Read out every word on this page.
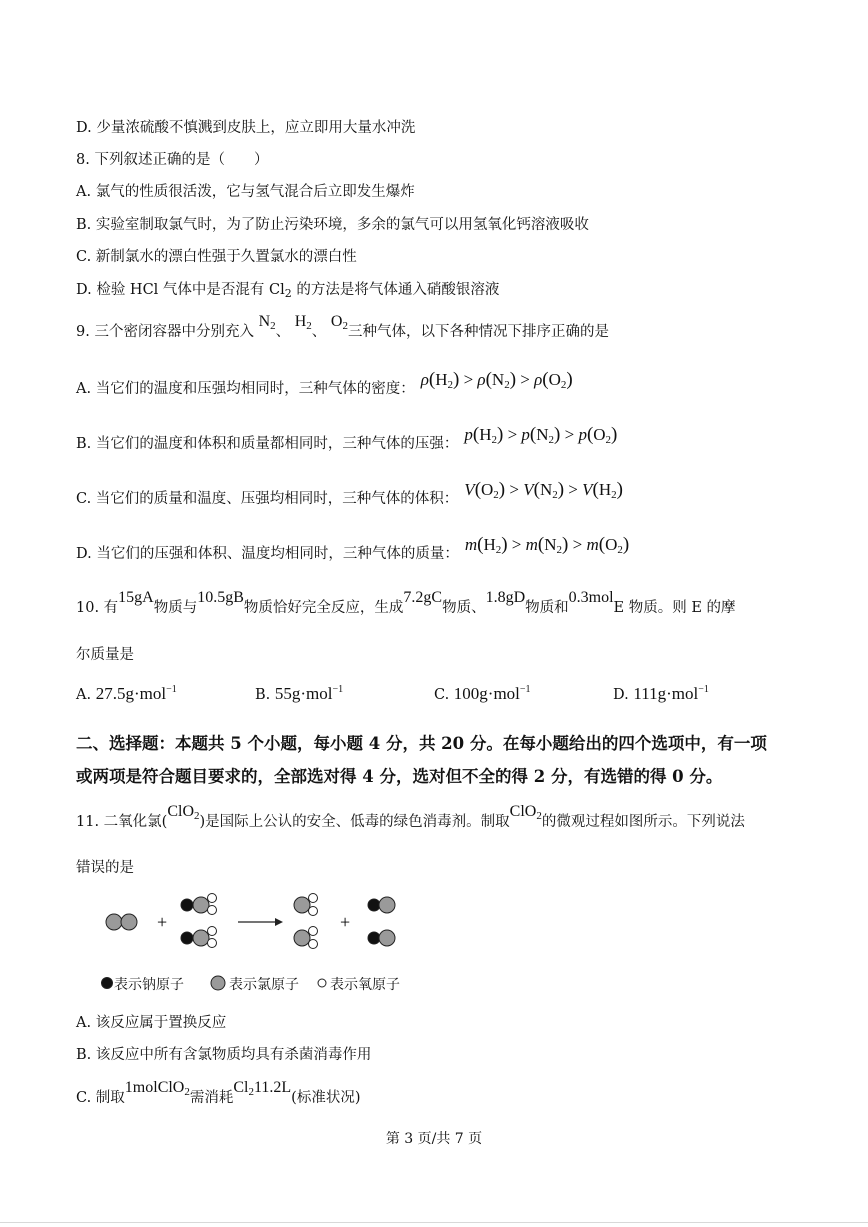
D. 少量浓硫酸不慎溅到皮肤上，应立即用大量水冲洗
8. 下列叙述正确的是（　　）
A. 氯气的性质很活泼，它与氢气混合后立即发生爆炸
B. 实验室制取氯气时，为了防止污染环境，多余的氯气可以用氢氧化钙溶液吸收
C. 新制氯水的漂白性强于久置氯水的漂白性
D. 检验 HCl 气体中是否混有 $Cl_2$ 的方法是将气体通入硝酸银溶液
9. 三个密闭容器中分别充入 $N_2$、 $H_2$、 $O_2$三种气体，以下各种情况下排序正确的是
A. 当它们的温度和压强均相同时，三种气体的密度： $\rho(H_2) > \rho(N_2) > \rho(O_2)$
B. 当它们的温度和体积和质量都相同时，三种气体的压强： $p(H_2) > p(N_2) > p(O_2)$
C. 当它们的质量和温度、压强均相同时，三种气体的体积： $V(O_2) > V(N_2) > V(H_2)$
D. 当它们的压强和体积、温度均相同时，三种气体的质量： $m(H_2) > m(N_2) > m(O_2)$
10. 有15gA物质与10.5gB物质恰好完全反应，生成7.2gC物质、1.8gD物质和0.3molE 物质。则 E 的摩
尔质量是
A. 27.5g·mol$^{-1}$	B. 55g·mol$^{-1}$	C. 100g·mol$^{-1}$	D. 111g·mol$^{-1}$
二、选择题：本题共 5 个小题，每小题 4 分，共 20 分。在每小题给出的四个选项中，有一项
或两项是符合题目要求的，全部选对得 4 分，选对但不全的得 2 分，有选错的得 0 分。
11. 二氧化氯(ClO$_2$)是国际上公认的安全、低毒的绿色消毒剂。制取ClO$_2$的微观过程如图所示。下列说法
错误的是
+	+
表示钠原子	表示氯原子 表示氧原子
A. 该反应属于置换反应
B. 该反应中所有含氯物质均具有杀菌消毒作用
C. 制取1molClO$_2$需消耗$Cl_211.2L$(标准状况)
第 3 页/共 7 页
